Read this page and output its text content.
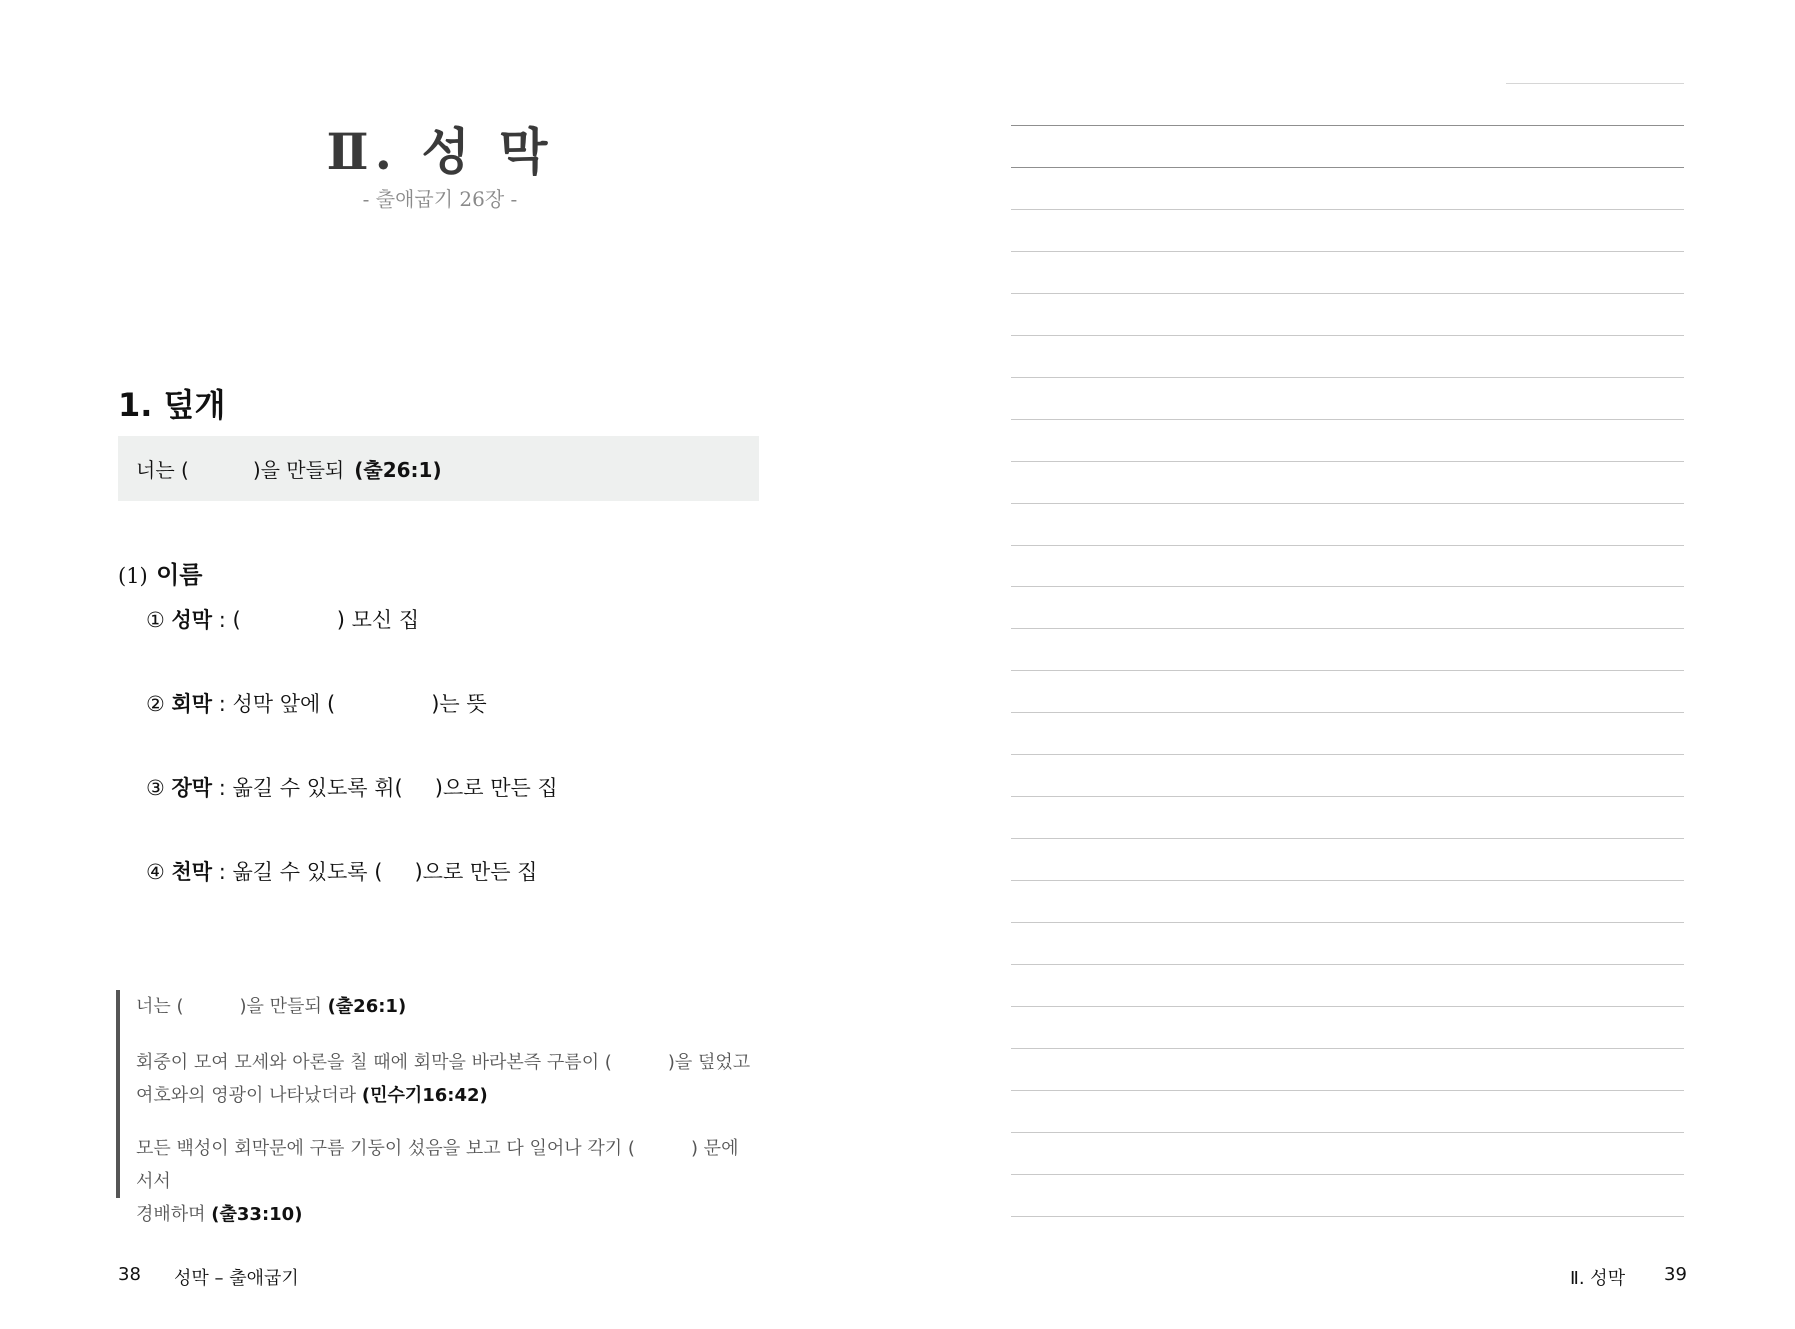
Ⅱ. 성 막
- 출애굽기 26장 -
1. 덮개
너는 (	)을 만들되 (출26:1)
(1) 이름
① 성막 : (	) 모신 집
② 회막 : 성막 앞에 (	)는 뜻
③ 장막 : 옮길 수 있도록 휘( )으로 만든 집
④ 천막 : 옮길 수 있도록 ( )으로 만든 집
너는 (	)을 만들되 (출26:1)
회중이 모여 모세와 아론을 칠 때에 회막을 바라본즉 구름이 (	)을 덮었고
여호와의 영광이 나타났더라 (민수기16:42)
모든 백성이 회막문에 구름 기둥이 섰음을 보고 다 일어나 각기 (	) 문에 서서
경배하며 (출33:10)
38 성막 – 출애굽기	Ⅱ. 성막 39
